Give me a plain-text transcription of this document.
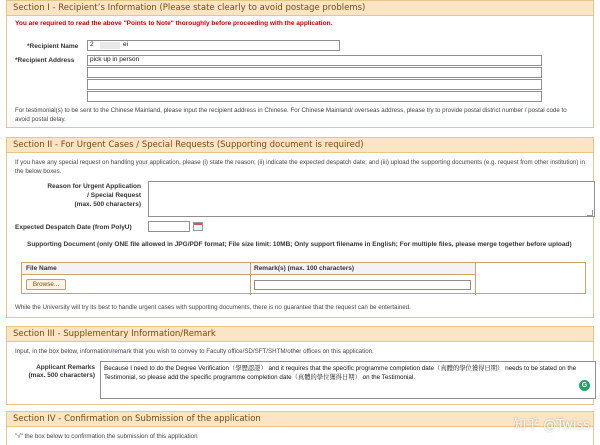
Section I - Recipient’s Information (Please state clearly to avoid postage problems)
You are required to read the above "Points to Note" thoroughly before proceeding with the application.
*Recipient Name	2	ei
*Recipient Address	pick up in person
For testimonial(s) to be sent to the Chinese Mainland, please input the recipient address in Chinese. For Chinese Mainland/ overseas address, please try to provide postal district number / postal code to avoid postal delay.
Section II - For Urgent Cases / Special Requests (Supporting document is required)
If you have any special request on handling your application, please (i) state the reason; (ii) indicate the expected despatch date; and (iii) upload the supporting documents (e.g. request from other institution) in the below boxes.
Reason for Urgent Application
/ Special Request
(max. 500 characters)
Expected Despatch Date (from PolyU)
Supporting Document (only ONE file allowed in JPG/PDF format; File size limit: 10MB; Only support filename in English; For multiple files, please merge together before upload)
File Name	Remark(s) (max. 100 characters)
Browse...
While the University will try its best to handle urgent cases with supporting documents, there is no guarantee that the request can be entertained.
Section III - Supplementary Information/Remark
Input, in the box below, information/remark that you wish to convey to Faculty office/SD/SFT/SHTM/other offices on this application.
Applicant Remarks
(max. 500 characters)
Because I need to do the Degree Verification（學歷認證） and it requires that the specific programme completion date（真體的學位獲得日期） needs to be stated on the Testimonial, so please add the specific programme completion date（真體的學位獲得日期） on the Testimonial.
G
Section IV - Confirmation on Submission of the application
"√" the box below to confirmation the submission of this application
知乎 @Twiss
